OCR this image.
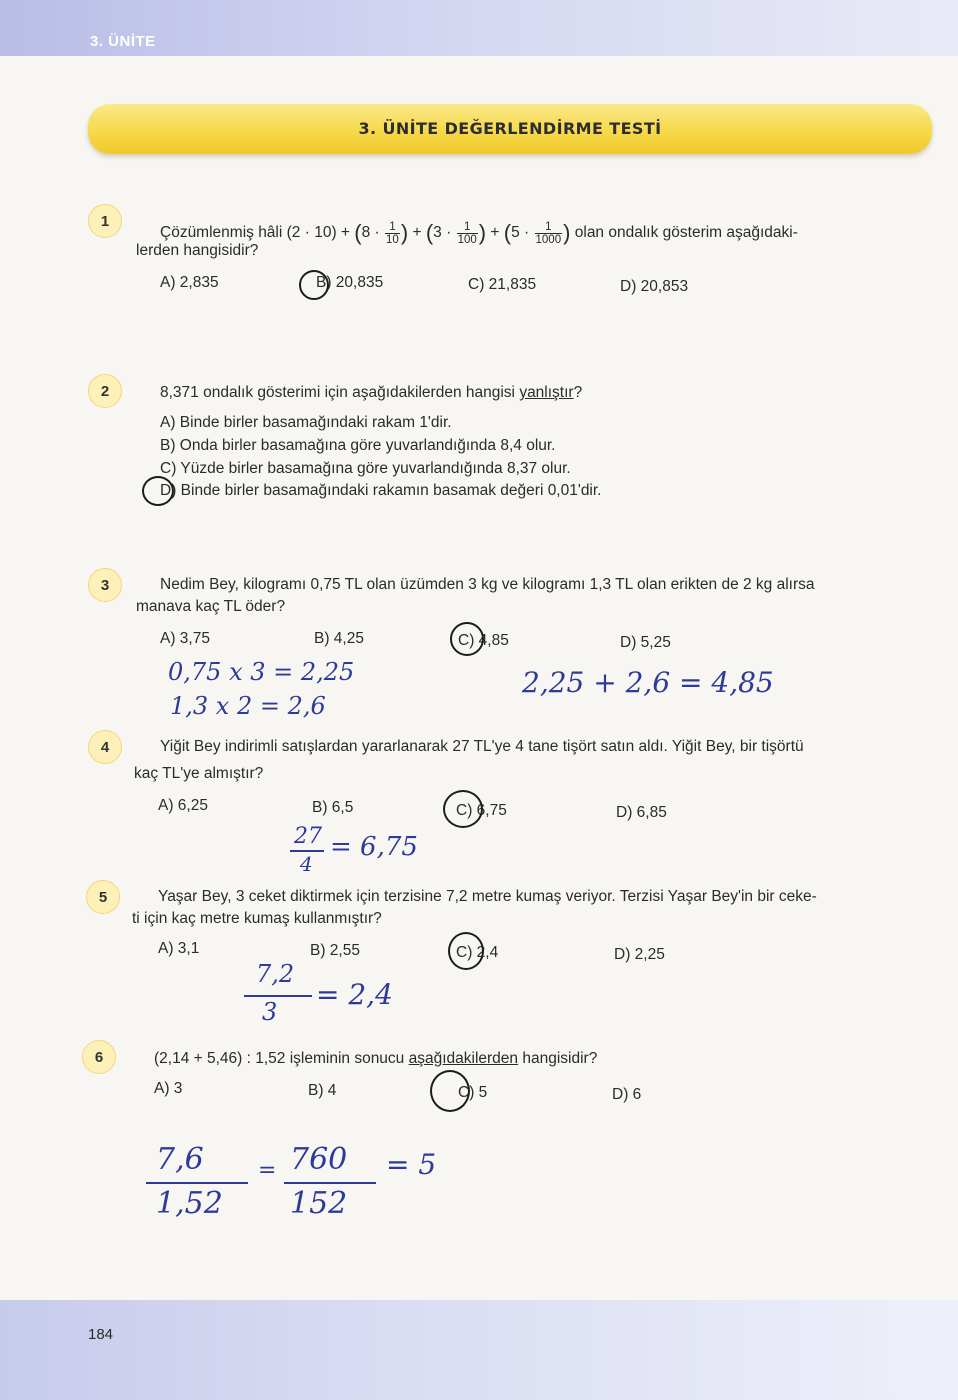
3. ÜNİTE
3. ÜNİTE DEĞERLENDİRME TESTİ
1
Çözümlenmiş hâli $(2 \cdot 10) + (8 \cdot \frac{1}{10}$ ) + ($3 \cdot \frac{1}{100}$ ) + ($5 \cdot \frac{1}{1000}$ ) olan ondalık gösterim aşağıdaki-
lerden hangisidir?
A) 2,835	B) 20,835	C) 21,835	D) 20,853
2	8,371 ondalık gösterimi için aşağıdakilerden hangisi yanlıştır?
A) Binde birler basamağındaki rakam 1'dir.
B) Onda birler basamağına göre yuvarlandığında 8,4 olur.
C) Yüzde birler basamağına göre yuvarlandığında 8,37 olur.
D) Binde birler basamağındaki rakamın basamak değeri 0,01'dir.
3	Nedim Bey, kilogramı 0,75 TL olan üzümden 3 kg ve kilogramı 1,3 TL olan erikten de 2 kg alırsa
manava kaç TL öder?
A) 3,75	B) 4,25	C) 4,85	D) 5,25
0,75 x 3 = 2,25
1,3 x 2 = 2,6
2,25 + 2,6 = 4,85
4	Yiğit Bey indirimli satışlardan yararlanarak 27 TL'ye 4 tane tişört satın aldı. Yiğit Bey, bir tişörtü
kaç TL'ye almıştır?
A) 6,25	B) 6,5	C) 6,75	D) 6,85
27
4
= 6,75
5	Yaşar Bey, 3 ceket diktirmek için terzisine 7,2 metre kumaş veriyor. Terzisi Yaşar Bey'in bir ceke-
ti için kaç metre kumaş kullanmıştır?
A) 3,1	B) 2,55	C) 2,4	D) 2,25
7,2
3
= 2,4
6	(2,14 + 5,46) : 1,52 işleminin sonucu aşağıdakilerden hangisidir?
A) 3	B) 4	C) 5	D) 6
7,6
1,52
= 760
152
= 5
184
